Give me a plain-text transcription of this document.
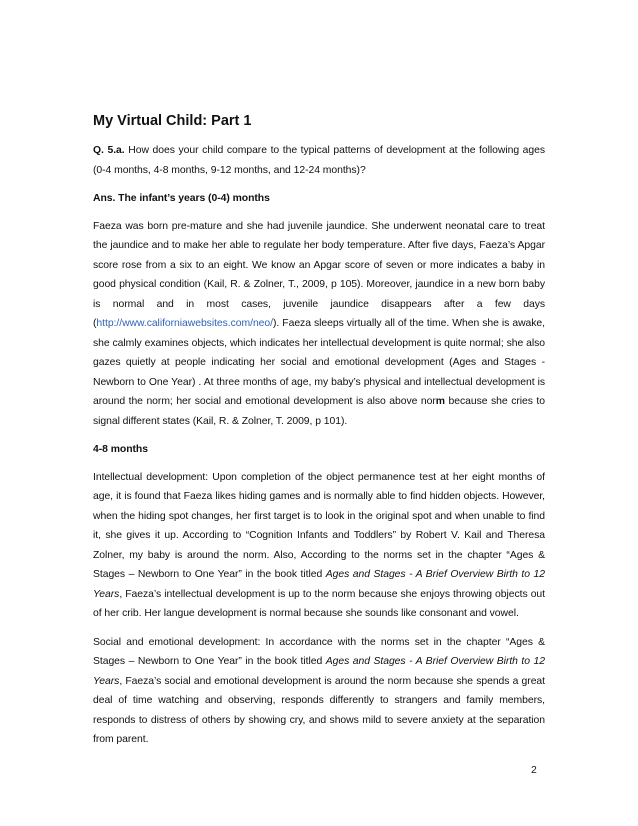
My Virtual Child: Part 1

Q. 5.a. How does your child compare to the typical patterns of development at the following ages (0-4 months, 4-8 months, 9-12 months, and 12-24 months)?

Ans. The infant’s years (0-4) months

Faeza was born pre-mature and she had juvenile jaundice. She underwent neonatal care to treat the jaundice and to make her able to regulate her body temperature. After five days, Faeza’s Apgar score rose from a six to an eight. We know an Apgar score of seven or more indicates a baby in good physical condition (Kail, R. & Zolner, T., 2009, p 105). Moreover, jaundice in a new born baby is normal and in most cases, juvenile jaundice disappears after a few days (http://www.californiawebsites.com/neo/). Faeza sleeps virtually all of the time. When she is awake, she calmly examines objects, which indicates her intellectual development is quite normal; she also gazes quietly at people indicating her social and emotional development (Ages and Stages - Newborn to One Year) . At three months of age, my baby’s physical and intellectual development is around the norm; her social and emotional development is also above norm because she cries to signal different states (Kail, R. & Zolner, T. 2009, p 101).

4-8 months

Intellectual development: Upon completion of the object permanence test at her eight months of age, it is found that Faeza likes hiding games and is normally able to find hidden objects. However, when the hiding spot changes, her first target is to look in the original spot and when unable to find it, she gives it up. According to “Cognition Infants and Toddlers” by Robert V. Kail and Theresa Zolner, my baby is around the norm. Also, According to the norms set in the chapter “Ages & Stages – Newborn to One Year” in the book titled Ages and Stages - A Brief Overview Birth to 12 Years, Faeza’s intellectual development is up to the norm because she enjoys throwing objects out of her crib. Her langue development is normal because she sounds like consonant and vowel.

Social and emotional development: In accordance with the norms set in the chapter “Ages & Stages – Newborn to One Year” in the book titled Ages and Stages - A Brief Overview Birth to 12 Years, Faeza’s social and emotional development is around the norm because she spends a great deal of time watching and observing, responds differently to strangers and family members, responds to distress of others by showing cry, and shows mild to severe anxiety at the separation from parent.

2
